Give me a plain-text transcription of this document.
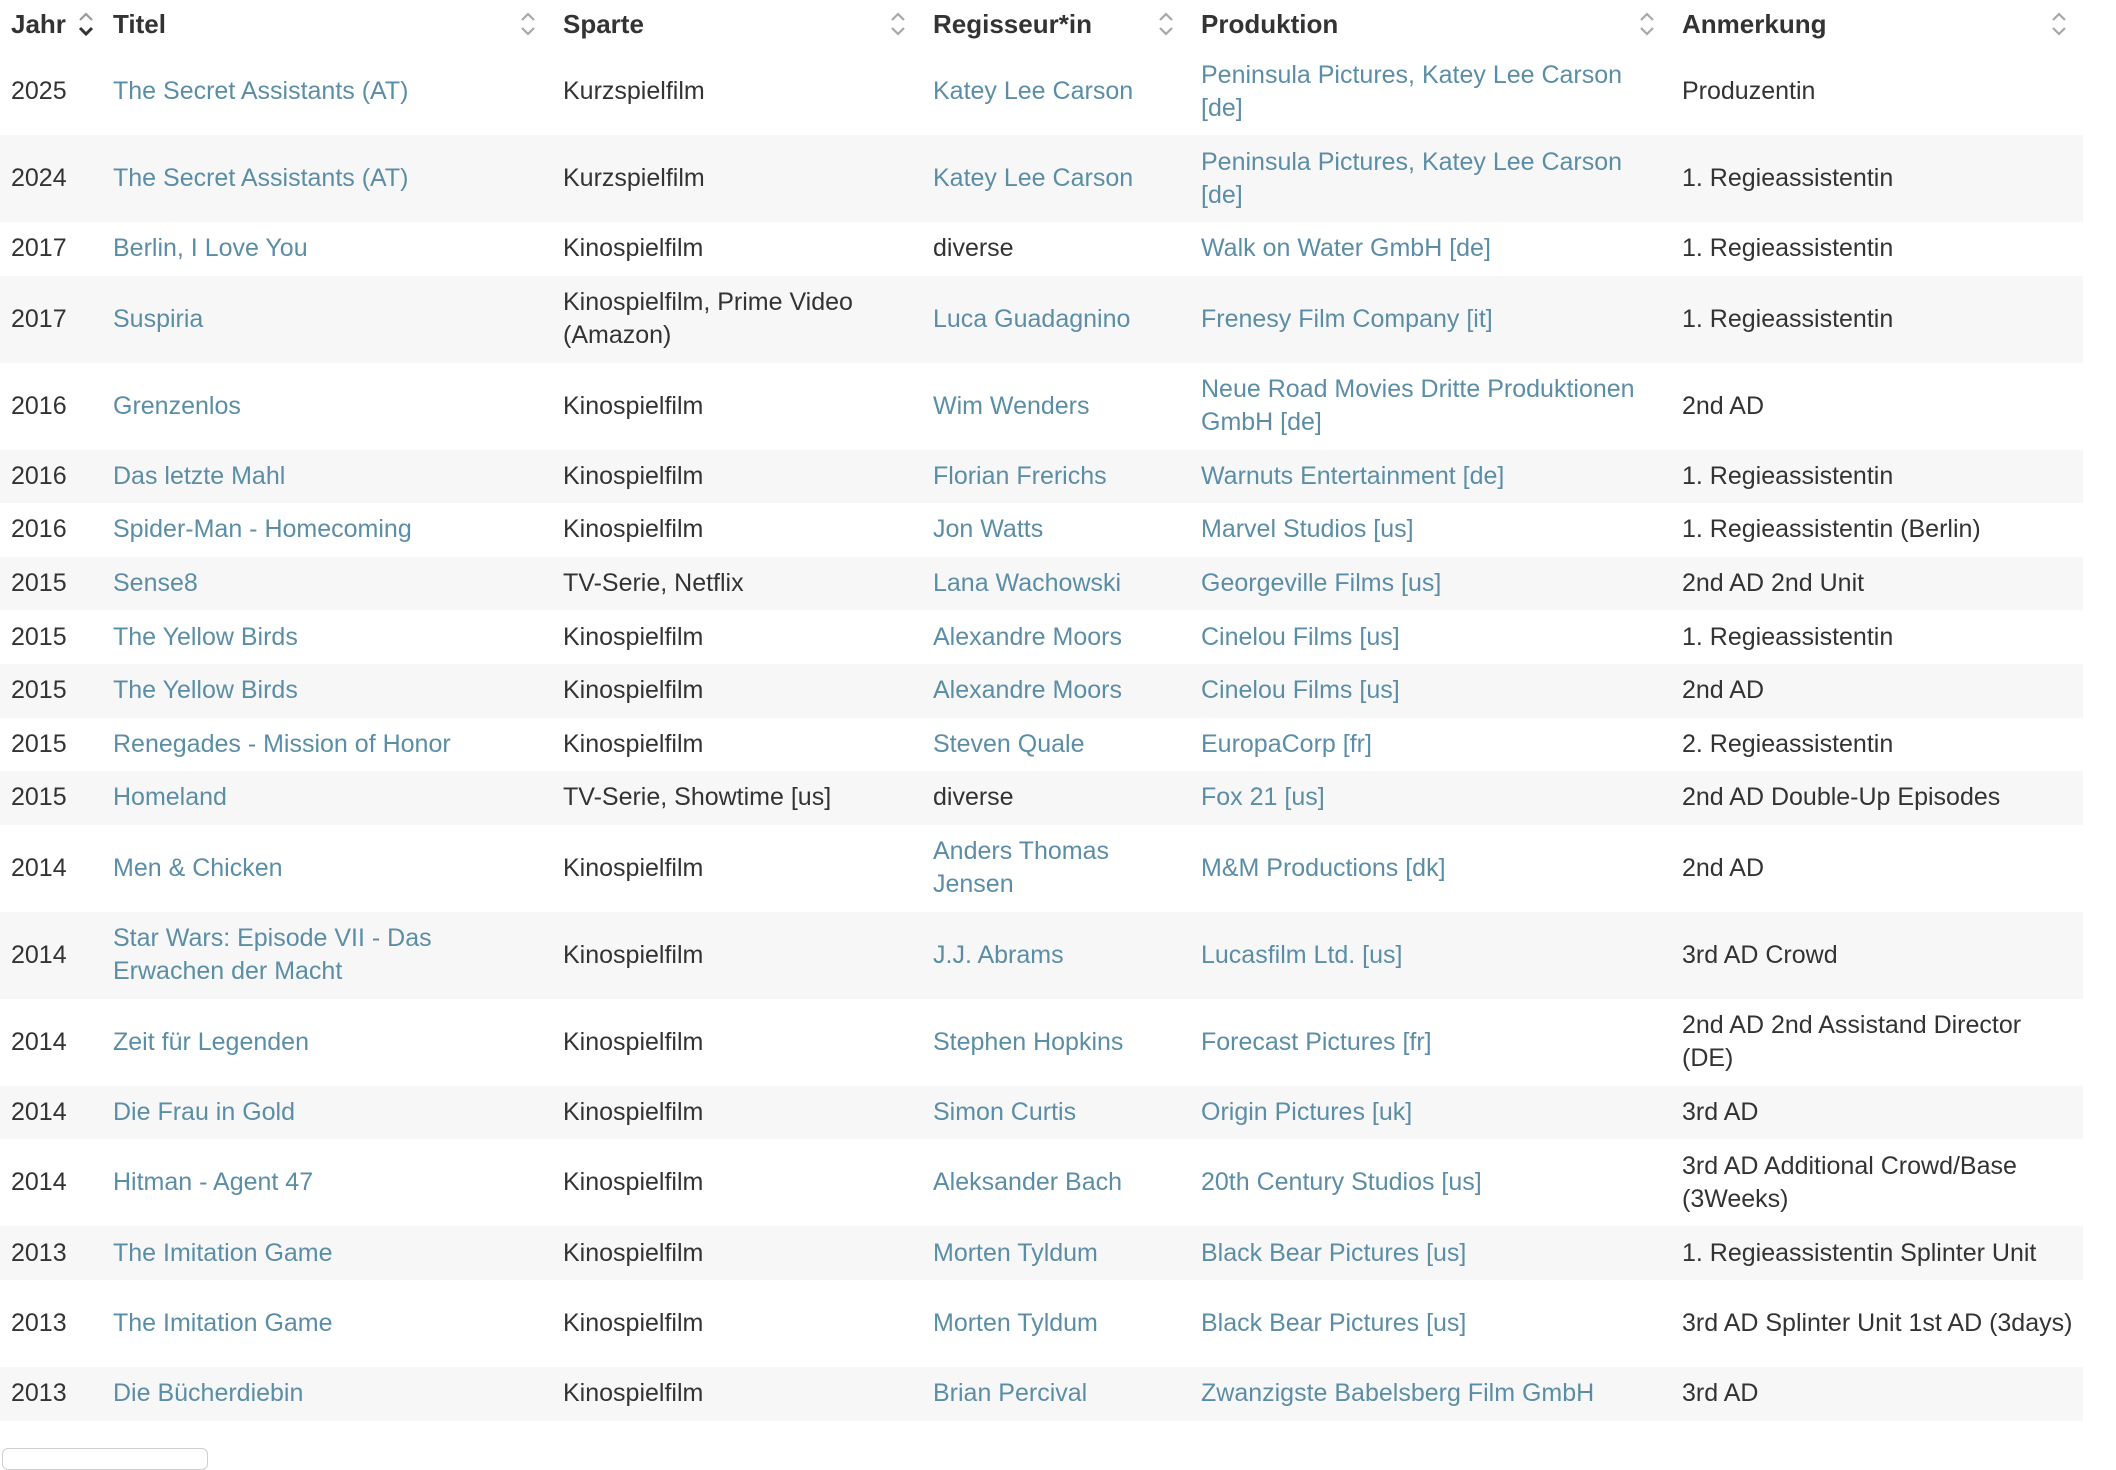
Jahr	Titel	Sparte	Regisseur*in	Produktion	Anmerkung

2025	The Secret Assistants (AT)	Kurzspielfilm	Katey Lee Carson	Peninsula Pictures, Katey Lee Carson [de]	Produzentin
2024	The Secret Assistants (AT)	Kurzspielfilm	Katey Lee Carson	Peninsula Pictures, Katey Lee Carson [de]	1. Regieassistentin
2017	Berlin, I Love You	Kinospielfilm	diverse	Walk on Water GmbH [de]	1. Regieassistentin
2017	Suspiria	Kinospielfilm, Prime Video (Amazon)	Luca Guadagnino	Frenesy Film Company [it]	1. Regieassistentin
2016	Grenzenlos	Kinospielfilm	Wim Wenders	Neue Road Movies Dritte Produktionen GmbH [de]	2nd AD
2016	Das letzte Mahl	Kinospielfilm	Florian Frerichs	Warnuts Entertainment [de]	1. Regieassistentin
2016	Spider-Man - Homecoming	Kinospielfilm	Jon Watts	Marvel Studios [us]	1. Regieassistentin (Berlin)
2015	Sense8	TV-Serie, Netflix	Lana Wachowski	Georgeville Films [us]	2nd AD 2nd Unit
2015	The Yellow Birds	Kinospielfilm	Alexandre Moors	Cinelou Films [us]	1. Regieassistentin
2015	The Yellow Birds	Kinospielfilm	Alexandre Moors	Cinelou Films [us]	2nd AD
2015	Renegades - Mission of Honor	Kinospielfilm	Steven Quale	EuropaCorp [fr]	2. Regieassistentin
2015	Homeland	TV-Serie, Showtime [us]	diverse	Fox 21 [us]	2nd AD Double-Up Episodes
2014	Men & Chicken	Kinospielfilm	Anders Thomas Jensen	M&M Productions [dk]	2nd AD
2014	Star Wars: Episode VII - Das Erwachen der Macht	Kinospielfilm	J.J. Abrams	Lucasfilm Ltd. [us]	3rd AD Crowd
2014	Zeit für Legenden	Kinospielfilm	Stephen Hopkins	Forecast Pictures [fr]	2nd AD 2nd Assistand Director (DE)
2014	Die Frau in Gold	Kinospielfilm	Simon Curtis	Origin Pictures [uk]	3rd AD
2014	Hitman - Agent 47	Kinospielfilm	Aleksander Bach	20th Century Studios [us]	3rd AD Additional Crowd/Base (3Weeks)
2013	The Imitation Game	Kinospielfilm	Morten Tyldum	Black Bear Pictures [us]	1. Regieassistentin Splinter Unit
2013	The Imitation Game	Kinospielfilm	Morten Tyldum	Black Bear Pictures [us]	3rd AD Splinter Unit 1st AD (3days)
2013	Die Bücherdiebin	Kinospielfilm	Brian Percival	Zwanzigste Babelsberg Film GmbH	3rd AD
